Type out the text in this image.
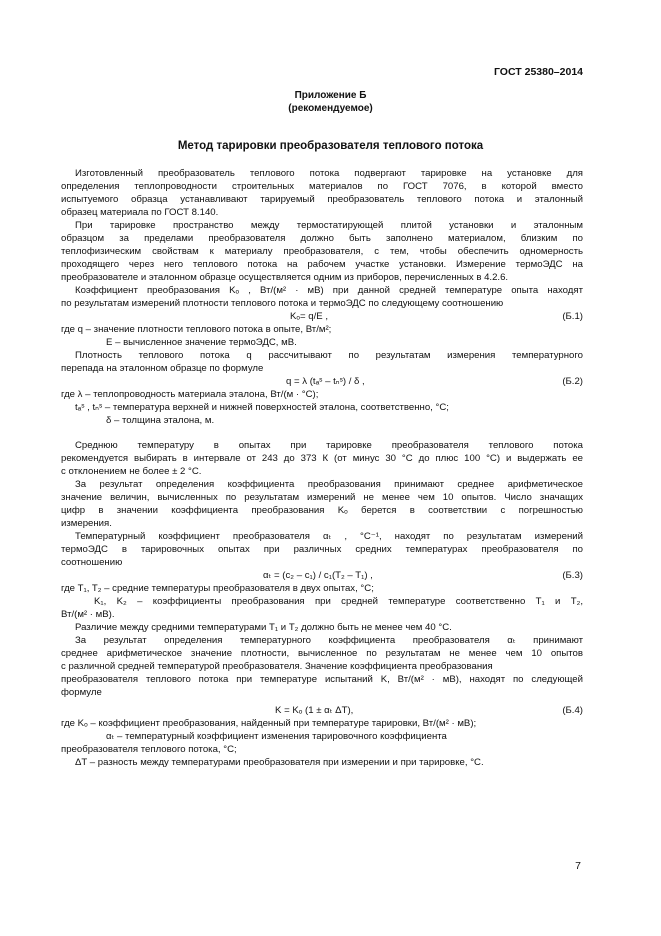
ГОСТ 25380–2014
Приложение Б
(рекомендуемое)
Метод тарировки преобразователя теплового потока
Изготовленный преобразователь теплового потока подвергают тарировке на установке для
определения теплопроводности строительных материалов по ГОСТ 7076, в которой вместо
испытуемого образца устанавливают тарируемый преобразователь теплового потока и эталонный
образец материала по ГОСТ 8.140.
При тарировке пространство между термостатирующей плитой установки и эталонным
образцом за пределами преобразователя должно быть заполнено материалом, близким по
теплофизическим свойствам к материалу преобразователя, с тем, чтобы обеспечить одномерность
проходящего через него теплового потока на рабочем участке установки. Измерение термоЭДС на
преобразователе и эталонном образце осуществляется одним из приборов, перечисленных в 4.2.6.
Коэффициент преобразования Kₒ , Вт/(м² · мВ) при данной средней температуре опыта находят
по результатам измерений плотности теплового потока и термоЭДС по следующему соотношению
Kₒ= q/E ,	(Б.1)
где q – значение плотности теплового потока в опыте, Вт/м²;
E – вычисленное значение термоЭДС, мВ.
Плотность теплового потока q рассчитывают по результатам измерения температурного
перепада на эталонном образце по формуле
q = λ (tₐˢ – tₙˢ) / δ ,	(Б.2)
где λ – теплопроводность материала эталона, Вт/(м · °С);
tₐˢ , tₙˢ – температура верхней и нижней поверхностей эталона, соответственно, °С;
δ – толщина эталона, м.
Среднюю температуру в опытах при тарировке преобразователя теплового потока
рекомендуется выбирать в интервале от 243 до 373 К (от минус 30 °С до плюс 100 °С) и выдержать ее
с отклонением не более ± 2 °С.
За результат определения коэффициента преобразования принимают среднее арифметическое
значение величин, вычисленных по результатам измерений не менее чем 10 опытов. Число значащих
цифр в значении коэффициента преобразования Kₒ берется в соответствии с погрешностью
измерения.
Температурный коэффициент преобразователя αₜ , °С⁻¹, находят по результатам измерений
термоЭДС в тарировочных опытах при различных средних температурах преобразователя по
соотношению
αₜ = (c₂ – c₁) / c₁(T₂ – T₁) ,	(Б.3)
где T₁, T₂ – средние температуры преобразователя в двух опытах, °С;
K₁, K₂ – коэффициенты преобразования при средней температуре соответственно T₁ и T₂,
Вт/(м² · мВ).
Различие между средними температурами T₁ и T₂ должно быть не менее чем 40 °С.
За результат определения температурного коэффициента преобразователя αₜ принимают
среднее арифметическое значение плотности, вычисленное по результатам не менее чем 10 опытов
с различной средней температурой преобразователя. Значение коэффициента преобразования
преобразователя теплового потока при температуре испытаний K, Вт/(м² · мВ), находят по следующей
формуле
K = Kₒ (1 ± αₜ ΔT),	(Б.4)
где Kₒ – коэффициент преобразования, найденный при температуре тарировки, Вт/(м² · мВ);
αₜ – температурный коэффициент изменения тарировочного коэффициента
преобразователя теплового потока, °С;
ΔT – разность между температурами преобразователя при измерении и при тарировке, °С.
7
